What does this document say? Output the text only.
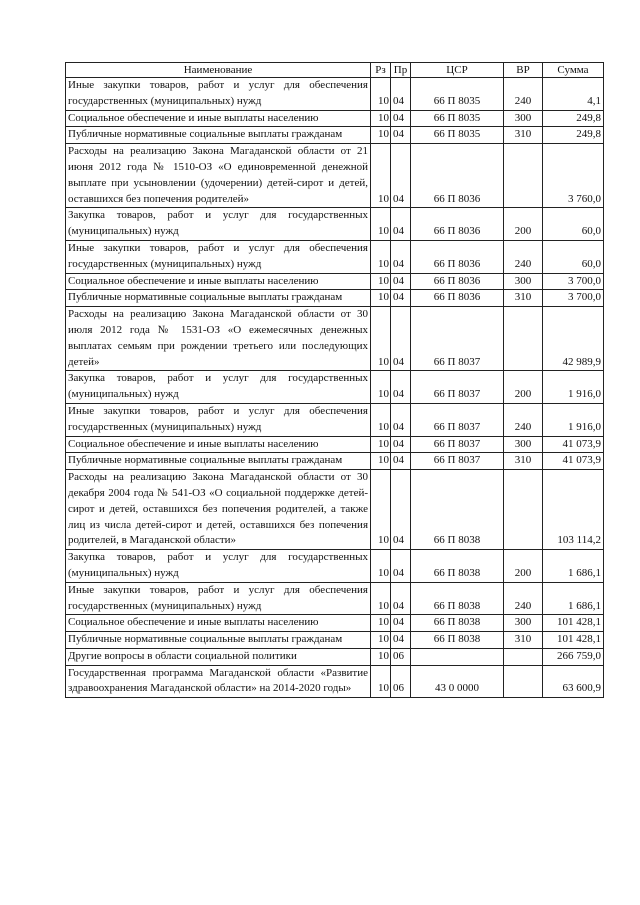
Наименование	Рз	Пр	ЦСР	ВР	Сумма
Иные закупки товаров, работ и услуг для обеспечения государственных (муниципальных) нужд	10	04	66 П 8035	240	4,1
Социальное обеспечение и иные выплаты населению	10	04	66 П 8035	300	249,8
Публичные нормативные социальные выплаты гражданам	10	04	66 П 8035	310	249,8
Расходы на реализацию Закона Магаданской области от 21 июня 2012 года № 1510-ОЗ «О единовременной денежной выплате при усыновлении (удочерении) детей-сирот и детей, оставшихся без попечения родителей»	10	04	66 П 8036		3 760,0
Закупка товаров, работ и услуг для государственных (муниципальных) нужд	10	04	66 П 8036	200	60,0
Иные закупки товаров, работ и услуг для обеспечения государственных (муниципальных) нужд	10	04	66 П 8036	240	60,0
Социальное обеспечение и иные выплаты населению	10	04	66 П 8036	300	3 700,0
Публичные нормативные социальные выплаты гражданам	10	04	66 П 8036	310	3 700,0
Расходы на реализацию Закона Магаданской области от 30 июля 2012 года № 1531-ОЗ «О ежемесячных денежных выплатах семьям при рождении третьего или последующих детей»	10	04	66 П 8037		42 989,9
Закупка товаров, работ и услуг для государственных (муниципальных) нужд	10	04	66 П 8037	200	1 916,0
Иные закупки товаров, работ и услуг для обеспечения государственных (муниципальных) нужд	10	04	66 П 8037	240	1 916,0
Социальное обеспечение и иные выплаты населению	10	04	66 П 8037	300	41 073,9
Публичные нормативные социальные выплаты гражданам	10	04	66 П 8037	310	41 073,9
Расходы на реализацию Закона Магаданской области от 30 декабря 2004 года № 541-ОЗ «О социальной поддержке детей-сирот и детей, оставшихся без попечения родителей, а также лиц из числа детей-сирот и детей, оставшихся без попечения родителей, в Магаданской области»	10	04	66 П 8038		103 114,2
Закупка товаров, работ и услуг для государственных (муниципальных) нужд	10	04	66 П 8038	200	1 686,1
Иные закупки товаров, работ и услуг для обеспечения государственных (муниципальных) нужд	10	04	66 П 8038	240	1 686,1
Социальное обеспечение и иные выплаты населению	10	04	66 П 8038	300	101 428,1
Публичные нормативные социальные выплаты гражданам	10	04	66 П 8038	310	101 428,1
Другие вопросы в области социальной политики	10	06			266 759,0
Государственная программа Магаданской области «Развитие здравоохранения Магаданской области» на 2014-2020 годы»	10	06	43 0 0000		63 600,9
